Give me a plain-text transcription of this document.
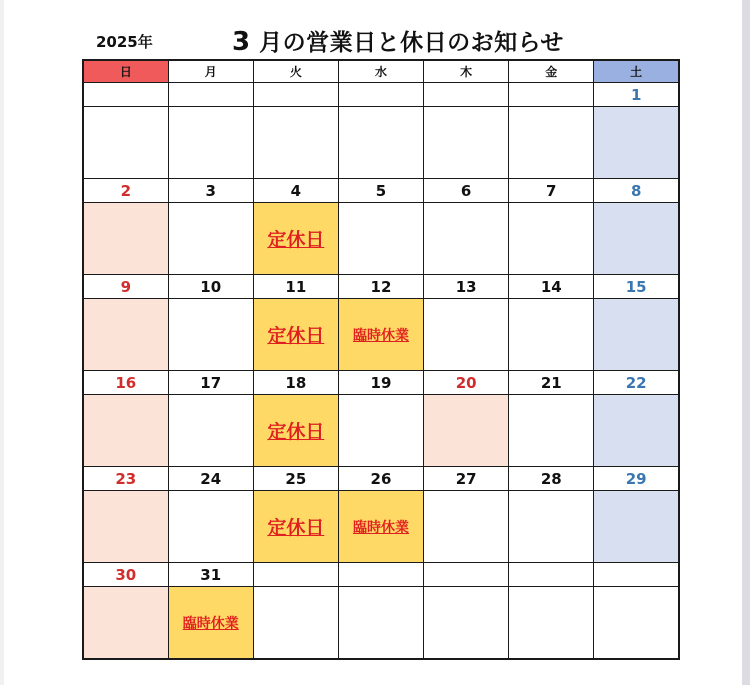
2025年	3 月の営業日と休日のお知らせ
日	月	火	水	木	金	土
						1

2	3	4	5	6	7	8
		定休日				
9	10	11	12	13	14	15
		定休日	臨時休業			
16	17	18	19	20	21	22
		定休日				
23	24	25	26	27	28	29
		定休日	臨時休業			
30	31					
	臨時休業					
